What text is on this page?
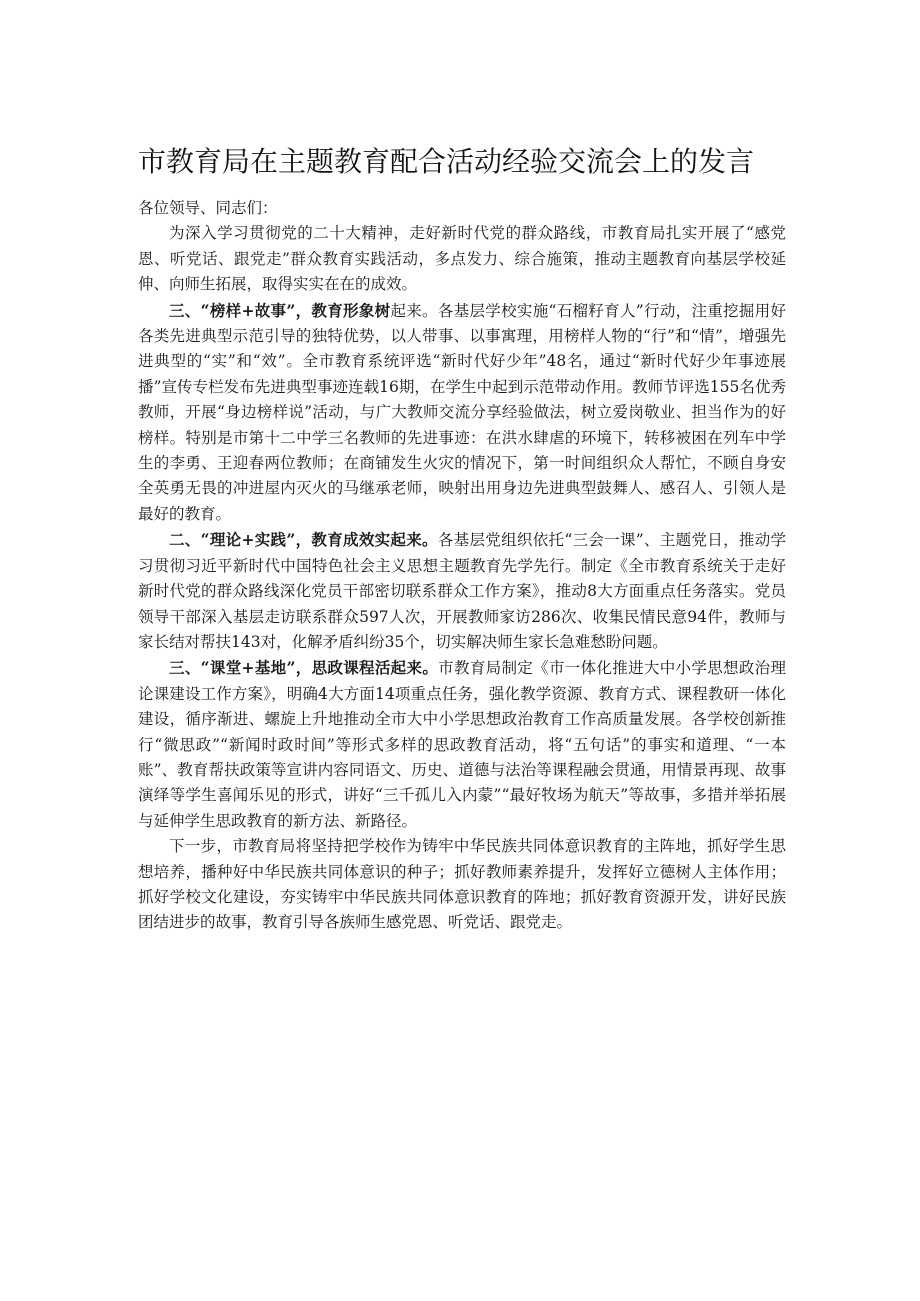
市教育局在主题教育配合活动经验交流会上的发言

各位领导、同志们：

为深入学习贯彻党的二十大精神，走好新时代党的群众路线，市教育局扎实开展了“感党恩、听党话、跟党走”群众教育实践活动，多点发力、综合施策，推动主题教育向基层学校延伸、向师生拓展，取得实实在在的成效。

三、“榜样+故事”，教育形象树起来。各基层学校实施“石榴籽育人”行动，注重挖掘用好各类先进典型示范引导的独特优势，以人带事、以事寓理，用榜样人物的“行”和“情”，增强先进典型的“实”和“效”。全市教育系统评选“新时代好少年”48名，通过“新时代好少年事迹展播”宣传专栏发布先进典型事迹连载16期，在学生中起到示范带动作用。教师节评选155名优秀教师，开展“身边榜样说”活动，与广大教师交流分享经验做法，树立爱岗敬业、担当作为的好榜样。特别是市第十二中学三名教师的先进事迹：在洪水肆虐的环境下，转移被困在列车中学生的李勇、王迎春两位教师；在商铺发生火灾的情况下，第一时间组织众人帮忙，不顾自身安全英勇无畏的冲进屋内灭火的马继承老师，映射出用身边先进典型鼓舞人、感召人、引领人是最好的教育。

二、“理论+实践”，教育成效实起来。各基层党组织依托“三会一课”、主题党日，推动学习贯彻习近平新时代中国特色社会主义思想主题教育先学先行。制定《全市教育系统关于走好新时代党的群众路线深化党员干部密切联系群众工作方案》，推动8大方面重点任务落实。党员领导干部深入基层走访联系群众597人次，开展教师家访286次、收集民情民意94件，教师与家长结对帮扶143对，化解矛盾纠纷35个，切实解决师生家长急难愁盼问题。

三、“课堂+基地”，思政课程活起来。市教育局制定《市一体化推进大中小学思想政治理论课建设工作方案》，明确4大方面14项重点任务，强化教学资源、教育方式、课程教研一体化建设，循序渐进、螺旋上升地推动全市大中小学思想政治教育工作高质量发展。各学校创新推行“微思政”“新闻时政时间”等形式多样的思政教育活动，将“五句话”的事实和道理、“一本账”、教育帮扶政策等宣讲内容同语文、历史、道德与法治等课程融会贯通，用情景再现、故事演绎等学生喜闻乐见的形式，讲好“三千孤儿入内蒙”“最好牧场为航天”等故事，多措并举拓展与延伸学生思政教育的新方法、新路径。

下一步，市教育局将坚持把学校作为铸牢中华民族共同体意识教育的主阵地，抓好学生思想培养，播种好中华民族共同体意识的种子；抓好教师素养提升，发挥好立德树人主体作用；抓好学校文化建设，夯实铸牢中华民族共同体意识教育的阵地；抓好教育资源开发，讲好民族团结进步的故事，教育引导各族师生感党恩、听党话、跟党走。
